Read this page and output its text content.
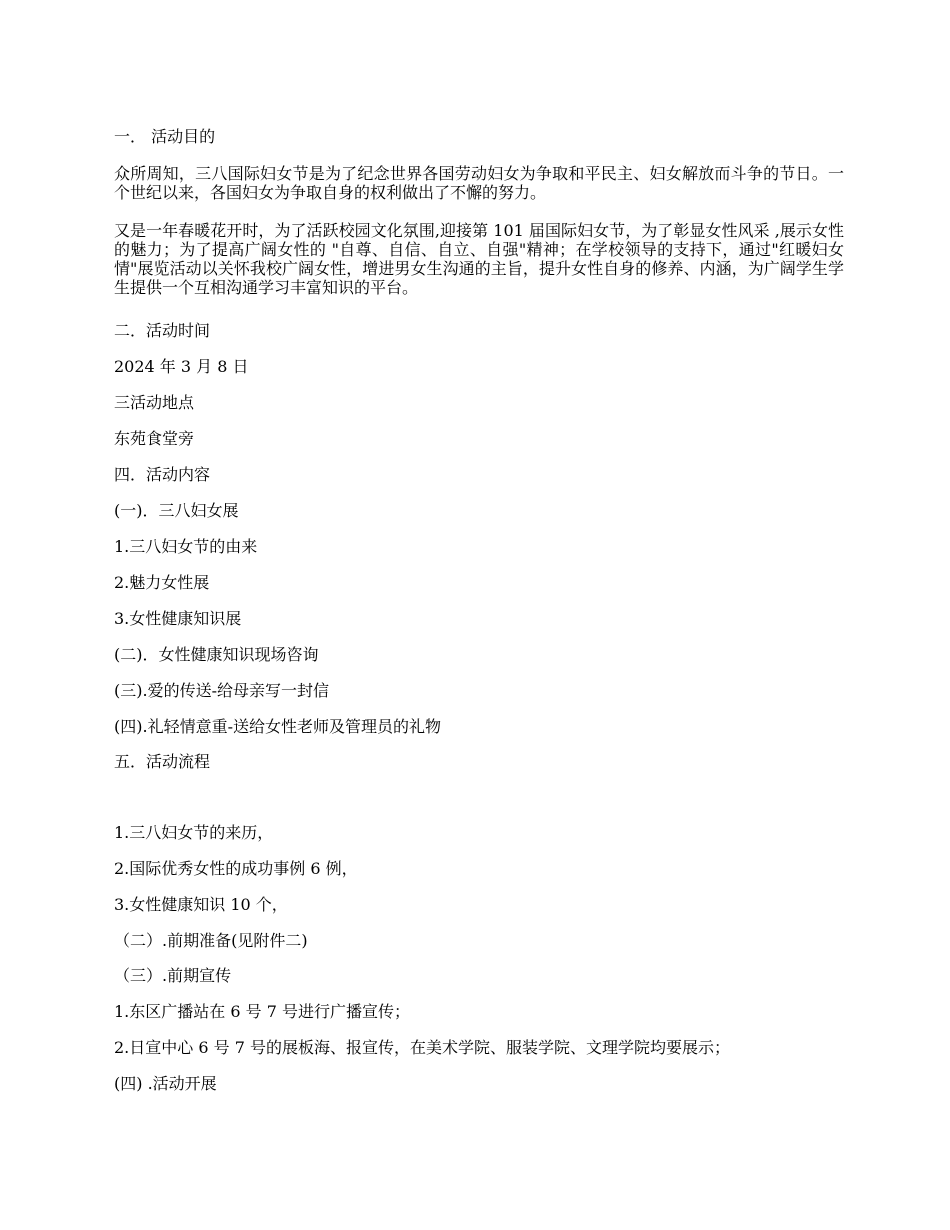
一． 活动目的
众所周知，三八国际妇女节是为了纪念世界各国劳动妇女为争取和平民主、妇女解放而斗争的节日。一个世纪以来，各国妇女为争取自身的权利做出了不懈的努力。
又是一年春暖花开时，为了活跃校园文化氛围,迎接第 101 届国际妇女节，为了彰显女性风采 ,展示女性的魅力；为了提高广阔女性的 "自尊、自信、自立、自强"精神；在学校领导的支持下，通过"红暖妇女情"展览活动以关怀我校广阔女性，增进男女生沟通的主旨，提升女性自身的修养、内涵，为广阔学生学生提供一个互相沟通学习丰富知识的平台。
二．活动时间
2024 年 3 月 8 日
三活动地点
东苑食堂旁
四．活动内容
(一)．三八妇女展
1.三八妇女节的由来
2.魅力女性展
3.女性健康知识展
(二)．女性健康知识现场咨询
(三).爱的传送-给母亲写一封信
(四).礼轻情意重-送给女性老师及管理员的礼物
五．活动流程
1.三八妇女节的来历，
2.国际优秀女性的成功事例 6 例，
3.女性健康知识 10 个，
（二）.前期准备(见附件二)
（三）.前期宣传
1.东区广播站在 6 号 7 号进行广播宣传；
2.日宣中心 6 号 7 号的展板海、报宣传，在美术学院、服装学院、文理学院均要展示；
(四) .活动开展
